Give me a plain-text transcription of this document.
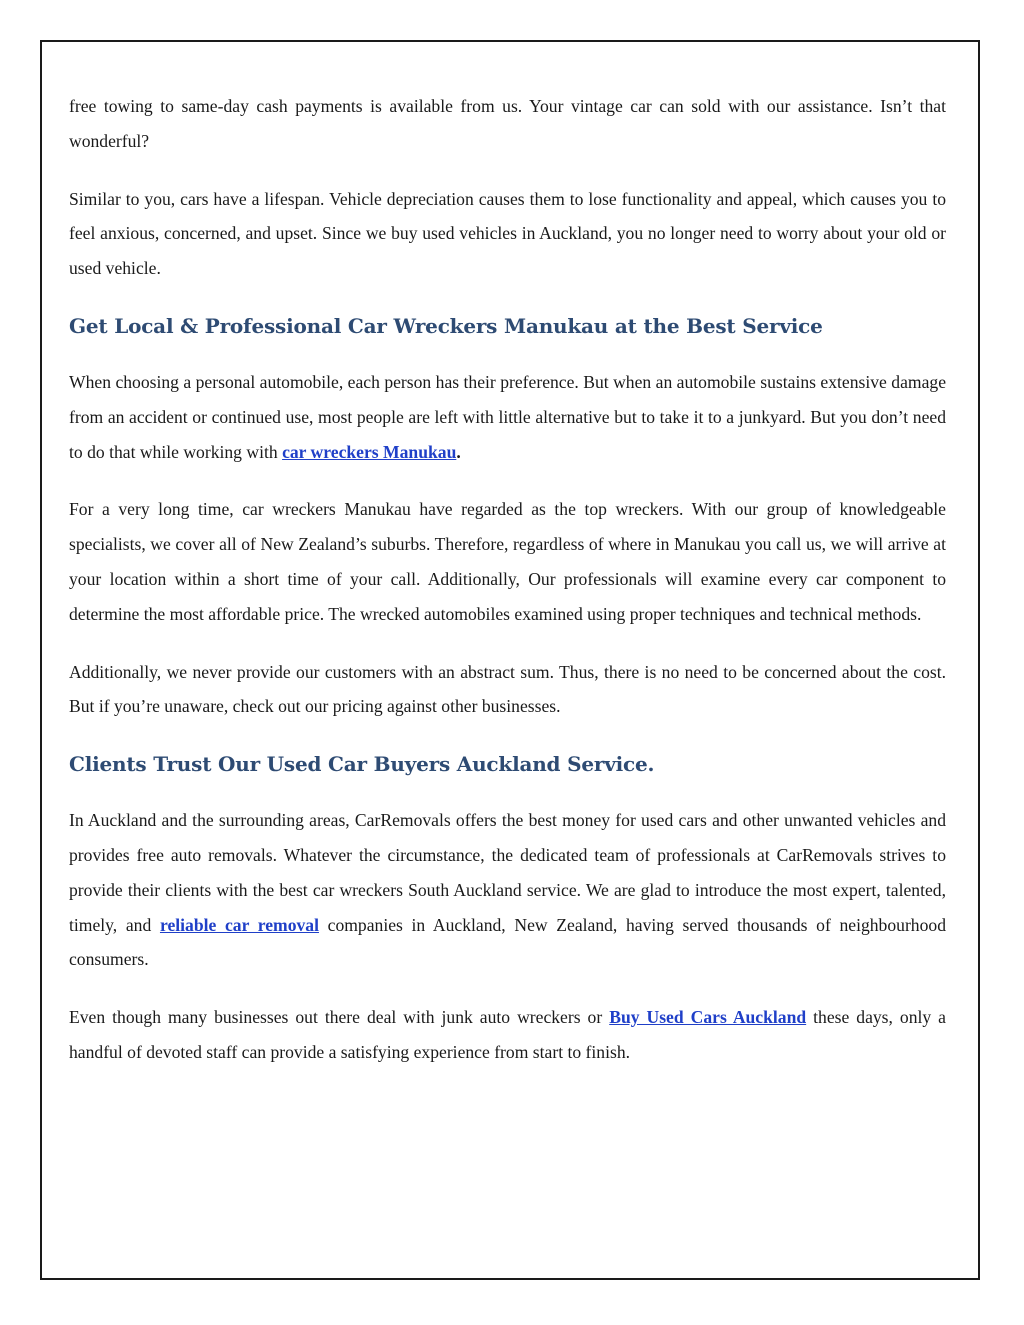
free towing to same-day cash payments is available from us. Your vintage car can sold with our assistance. Isn’t that wonderful?

Similar to you, cars have a lifespan. Vehicle depreciation causes them to lose functionality and appeal, which causes you to feel anxious, concerned, and upset. Since we buy used vehicles in Auckland, you no longer need to worry about your old or used vehicle.

Get Local & Professional Car Wreckers Manukau at the Best Service

When choosing a personal automobile, each person has their preference. But when an automobile sustains extensive damage from an accident or continued use, most people are left with little alternative but to take it to a junkyard. But you don’t need to do that while working with car wreckers Manukau.

For a very long time, car wreckers Manukau have regarded as the top wreckers. With our group of knowledgeable specialists, we cover all of New Zealand’s suburbs. Therefore, regardless of where in Manukau you call us, we will arrive at your location within a short time of your call. Additionally, Our professionals will examine every car component to determine the most affordable price. The wrecked automobiles examined using proper techniques and technical methods.

Additionally, we never provide our customers with an abstract sum. Thus, there is no need to be concerned about the cost. But if you’re unaware, check out our pricing against other businesses.

Clients Trust Our Used Car Buyers Auckland Service.

In Auckland and the surrounding areas, CarRemovals offers the best money for used cars and other unwanted vehicles and provides free auto removals. Whatever the circumstance, the dedicated team of professionals at CarRemovals strives to provide their clients with the best car wreckers South Auckland service. We are glad to introduce the most expert, talented, timely, and reliable car removal companies in Auckland, New Zealand, having served thousands of neighbourhood consumers.

Even though many businesses out there deal with junk auto wreckers or Buy Used Cars Auckland these days, only a handful of devoted staff can provide a satisfying experience from start to finish.
